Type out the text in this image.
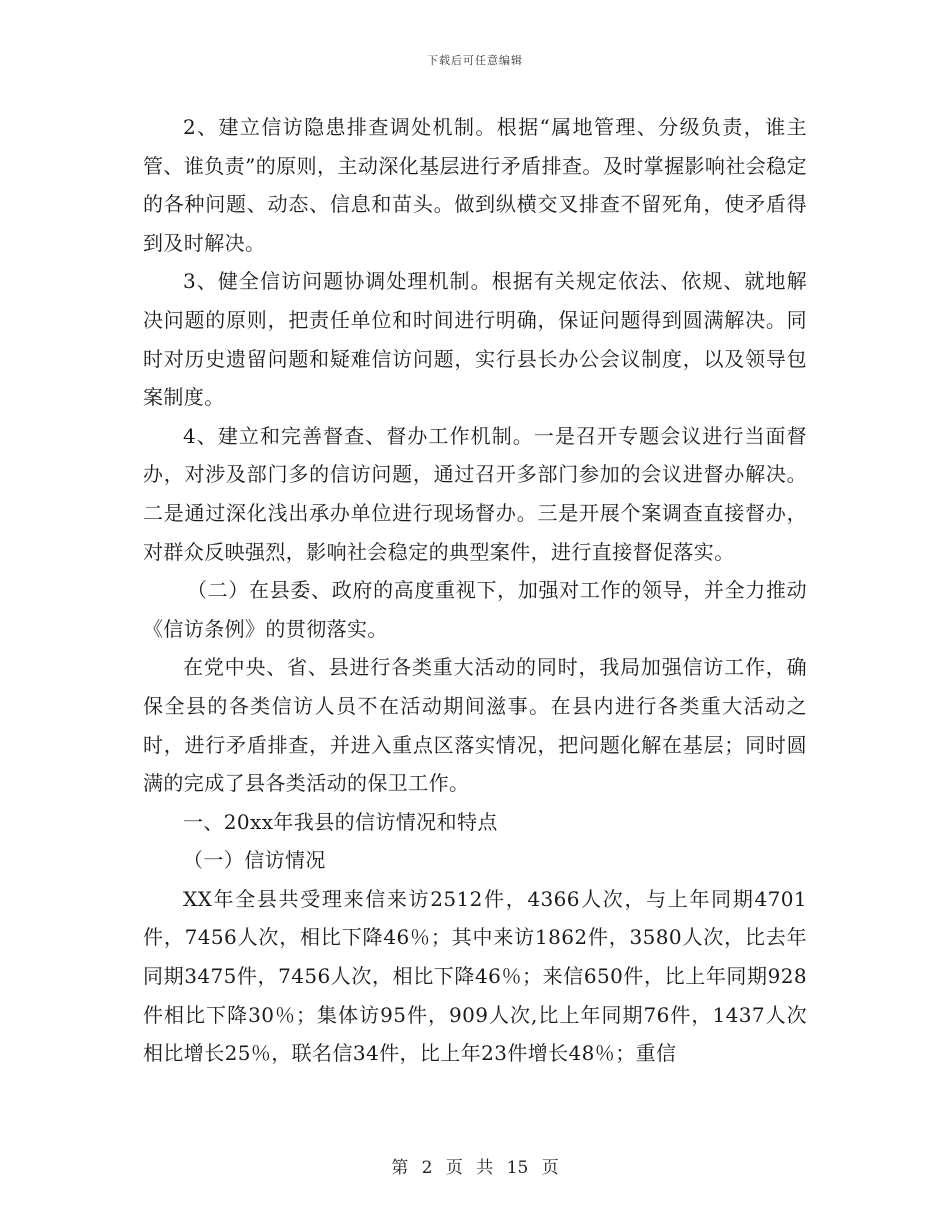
下载后可任意编辑

2、建立信访隐患排查调处机制。根据“属地管理、分级负责，谁主管、谁负责”的原则，主动深化基层进行矛盾排查。及时掌握影响社会稳定的各种问题、动态、信息和苗头。做到纵横交叉排查不留死角，使矛盾得到及时解决。

3、健全信访问题协调处理机制。根据有关规定依法、依规、就地解决问题的原则，把责任单位和时间进行明确，保证问题得到圆满解决。同时对历史遗留问题和疑难信访问题，实行县长办公会议制度，以及领导包案制度。

4、建立和完善督查、督办工作机制。一是召开专题会议进行当面督办，对涉及部门多的信访问题，通过召开多部门参加的会议进督办解决。二是通过深化浅出承办单位进行现场督办。三是开展个案调查直接督办，对群众反映强烈，影响社会稳定的典型案件，进行直接督促落实。

（二）在县委、政府的高度重视下，加强对工作的领导，并全力推动《信访条例》的贯彻落实。

在党中央、省、县进行各类重大活动的同时，我局加强信访工作，确保全县的各类信访人员不在活动期间滋事。在县内进行各类重大活动之时，进行矛盾排查，并进入重点区落实情况，把问题化解在基层；同时圆满的完成了县各类活动的保卫工作。

一、20xx年我县的信访情况和特点

（一）信访情况

XX年全县共受理来信来访2512件，4366人次，与上年同期4701件，7456人次，相比下降46％；其中来访1862件，3580人次，比去年同期3475件，7456人次，相比下降46％；来信650件，比上年同期928件相比下降30％；集体访95件，909人次,比上年同期76件，1437人次相比增长25％，联名信34件，比上年23件增长48％；重信

第 2 页 共 15 页
